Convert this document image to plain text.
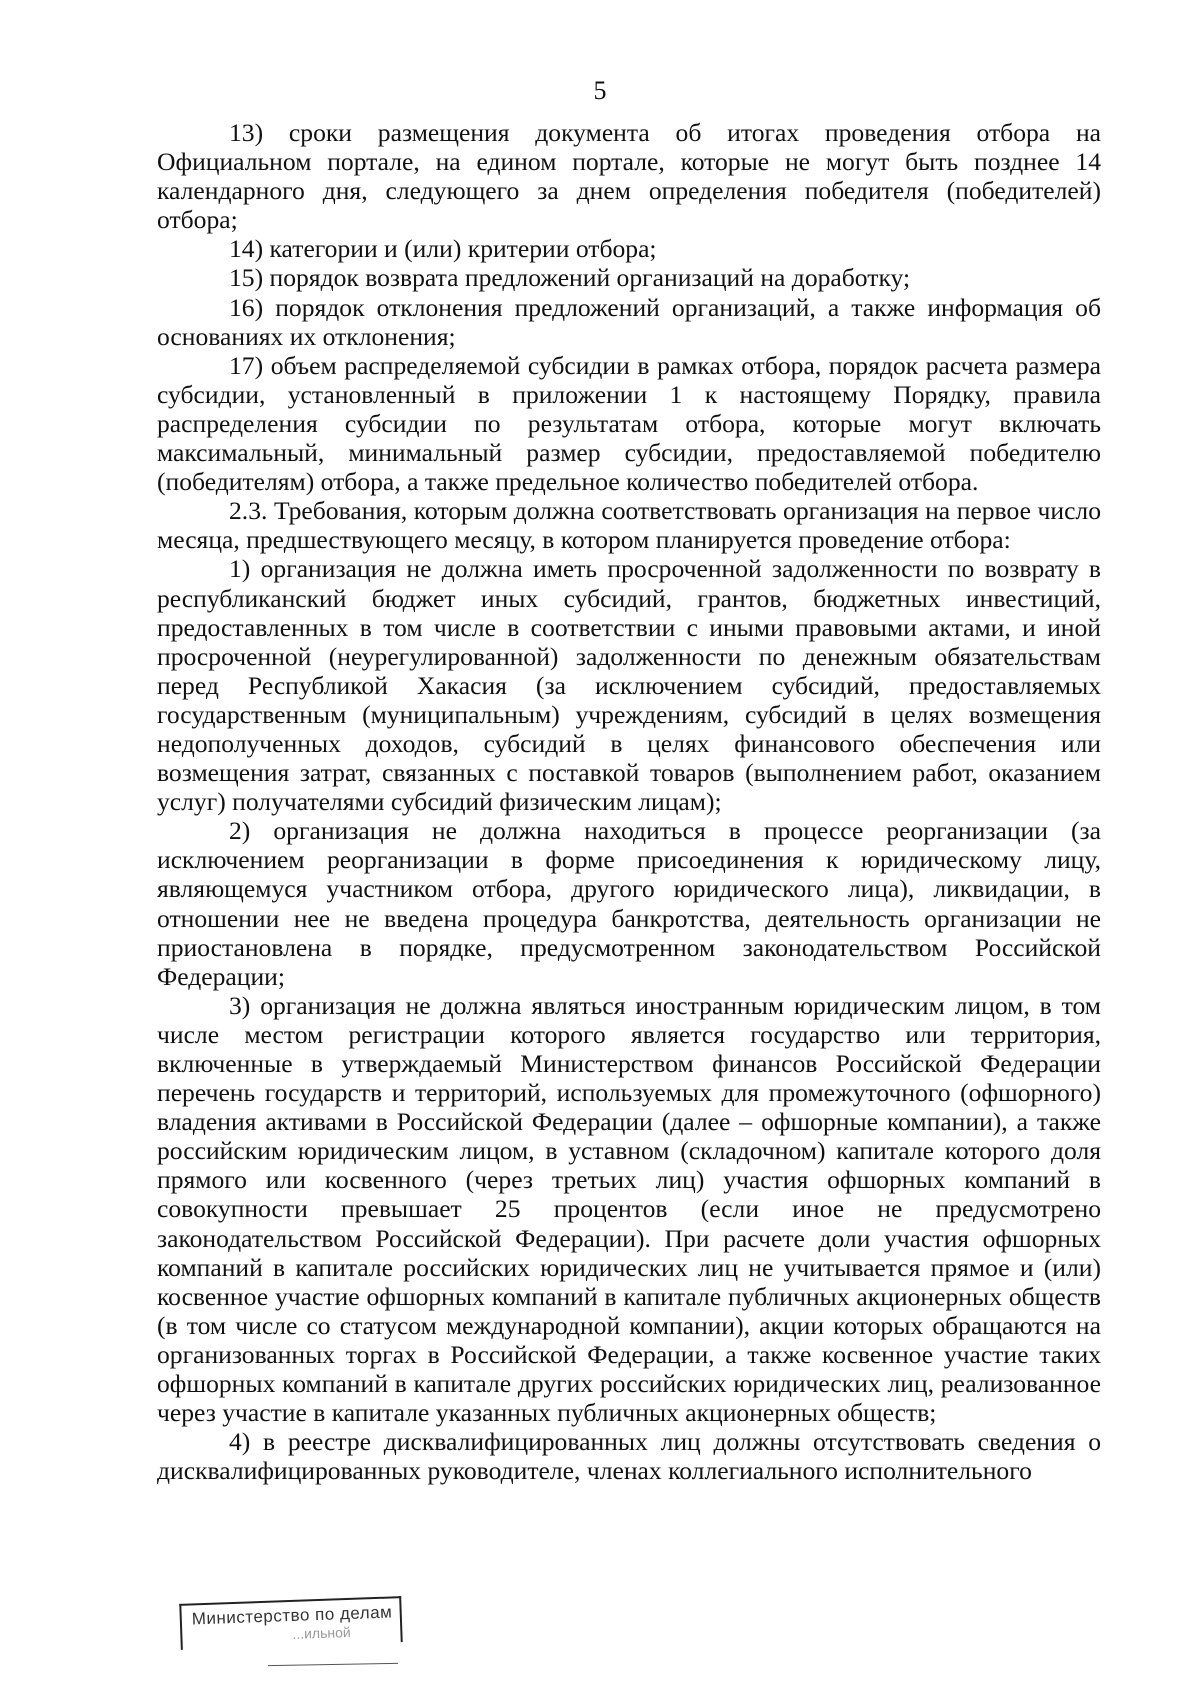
5

13) сроки размещения документа об итогах проведения отбора на Официальном портале, на едином портале, которые не могут быть позднее 14 календарного дня, следующего за днем определения победителя (победителей) отбора;

14) категории и (или) критерии отбора;

15) порядок возврата предложений организаций на доработку;

16) порядок отклонения предложений организаций, а также информация об основаниях их отклонения;

17) объем распределяемой субсидии в рамках отбора, порядок расчета размера субсидии, установленный в приложении 1 к настоящему Порядку, правила распределения субсидии по результатам отбора, которые могут включать максимальный, минимальный размер субсидии, предоставляемой победителю (победителям) отбора, а также предельное количество победителей отбора.

2.3. Требования, которым должна соответствовать организация на первое число месяца, предшествующего месяцу, в котором планируется проведение отбора:

1) организация не должна иметь просроченной задолженности по возврату в республиканский бюджет иных субсидий, грантов, бюджетных инвестиций, предоставленных в том числе в соответствии с иными правовыми актами, и иной просроченной (неурегулированной) задолженности по денежным обязательствам перед Республикой Хакасия (за исключением субсидий, предоставляемых государственным (муниципальным) учреждениям, субсидий в целях возмещения недополученных доходов, субсидий в целях финансового обеспечения или возмещения затрат, связанных с поставкой товаров (выполнением работ, оказанием услуг) получателями субсидий физическим лицам);

2) организация не должна находиться в процессе реорганизации (за исключением реорганизации в форме присоединения к юридическому лицу, являющемуся участником отбора, другого юридического лица), ликвидации, в отношении нее не введена процедура банкротства, деятельность организации не приостановлена в порядке, предусмотренном законодательством Российской Федерации;

3) организация не должна являться иностранным юридическим лицом, в том числе местом регистрации которого является государство или территория, включенные в утверждаемый Министерством финансов Российской Федерации перечень государств и территорий, используемых для промежуточного (офшорного) владения активами в Российской Федерации (далее – офшорные компании), а также российским юридическим лицом, в уставном (складочном) капитале которого доля прямого или косвенного (через третьих лиц) участия офшорных компаний в совокупности превышает 25 процентов (если иное не предусмотрено законодательством Российской Федерации). При расчете доли участия офшорных компаний в капитале российских юридических лиц не учитывается прямое и (или) косвенное участие офшорных компаний в капитале публичных акционерных обществ (в том числе со статусом международной компании), акции которых обращаются на организованных торгах в Российской Федерации, а также косвенное участие таких офшорных компаний в капитале других российских юридических лиц, реализованное через участие в капитале указанных публичных акционерных обществ;

4) в реестре дисквалифицированных лиц должны отсутствовать сведения о дисквалифицированных руководителе, членах коллегиального исполнительного

Министерство по делам
...ильной
